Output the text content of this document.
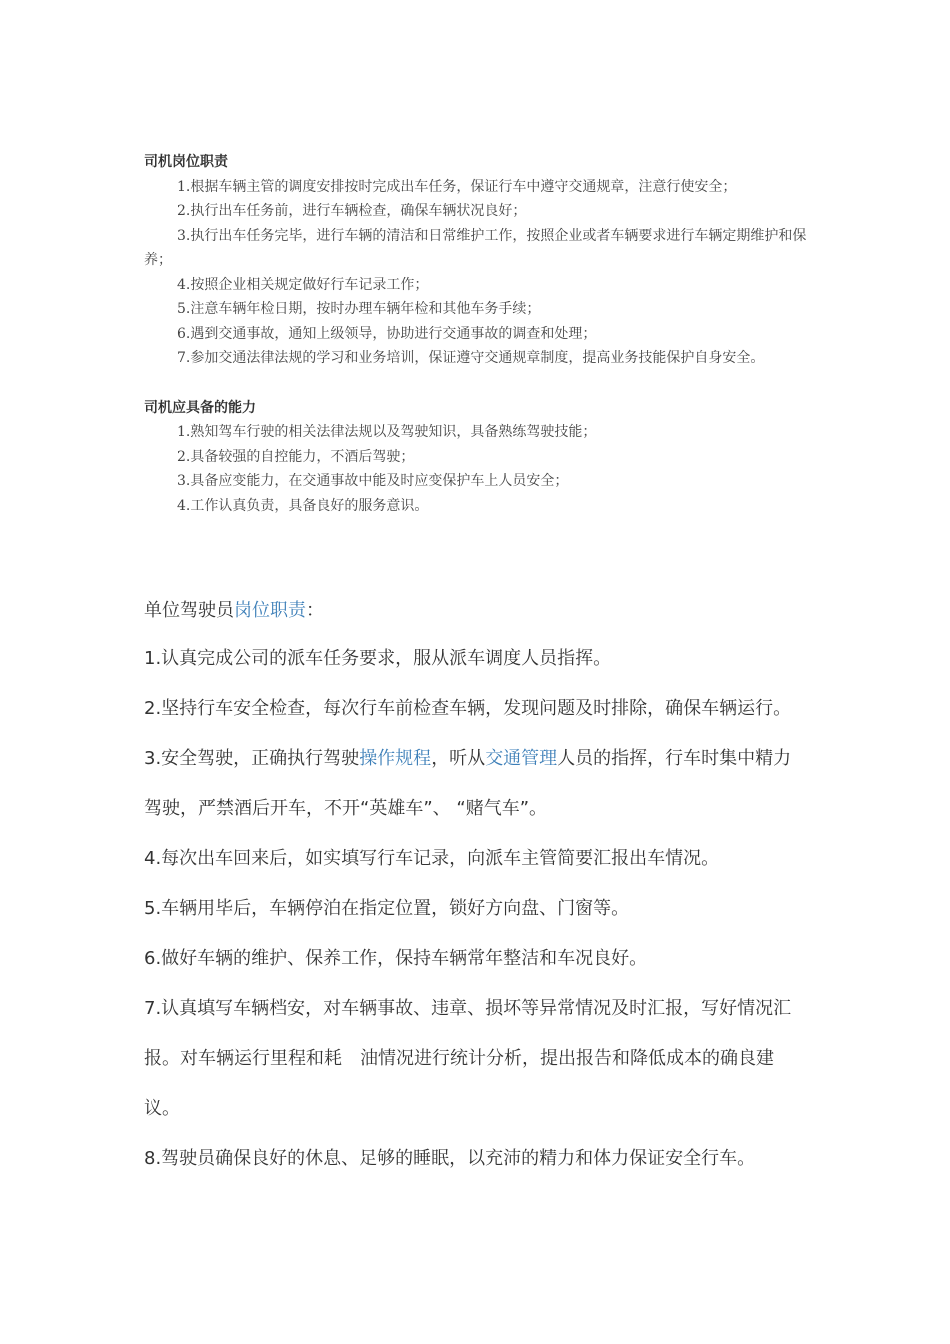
司机岗位职责

1.根据车辆主管的调度安排按时完成出车任务，保证行车中遵守交通规章，注意行使安全；
2.执行出车任务前，进行车辆检查，确保车辆状况良好；
3.执行出车任务完毕，进行车辆的清洁和日常维护工作，按照企业或者车辆要求进行车辆定期维护和保养；
4.按照企业相关规定做好行车记录工作；
5.注意车辆年检日期，按时办理车辆年检和其他车务手续；
6.遇到交通事故，通知上级领导，协助进行交通事故的调查和处理；
7.参加交通法律法规的学习和业务培训，保证遵守交通规章制度，提高业务技能保护自身安全。

司机应具备的能力

1.熟知驾车行驶的相关法律法规以及驾驶知识，具备熟练驾驶技能；
2.具备较强的自控能力，不酒后驾驶；
3.具备应变能力，在交通事故中能及时应变保护车上人员安全；
4.工作认真负责，具备良好的服务意识。

单位驾驶员岗位职责：

1.认真完成公司的派车任务要求，服从派车调度人员指挥。

2.坚持行车安全检查，每次行车前检查车辆，发现问题及时排除，确保车辆运行。

3.安全驾驶，正确执行驾驶操作规程，听从交通管理人员的指挥，行车时集中精力驾驶，严禁酒后开车，不开“英雄车”、 “赌气车”。

4.每次出车回来后，如实填写行车记录，向派车主管简要汇报出车情况。

5.车辆用毕后，车辆停泊在指定位置，锁好方向盘、门窗等。

6.做好车辆的维护、保养工作，保持车辆常年整洁和车况良好。

7.认真填写车辆档安，对车辆事故、违章、损坏等异常情况及时汇报，写好情况汇报。对车辆运行里程和耗　油情况进行统计分析，提出报告和降低成本的确良建议。

8.驾驶员确保良好的休息、足够的睡眠，以充沛的精力和体力保证安全行车。
